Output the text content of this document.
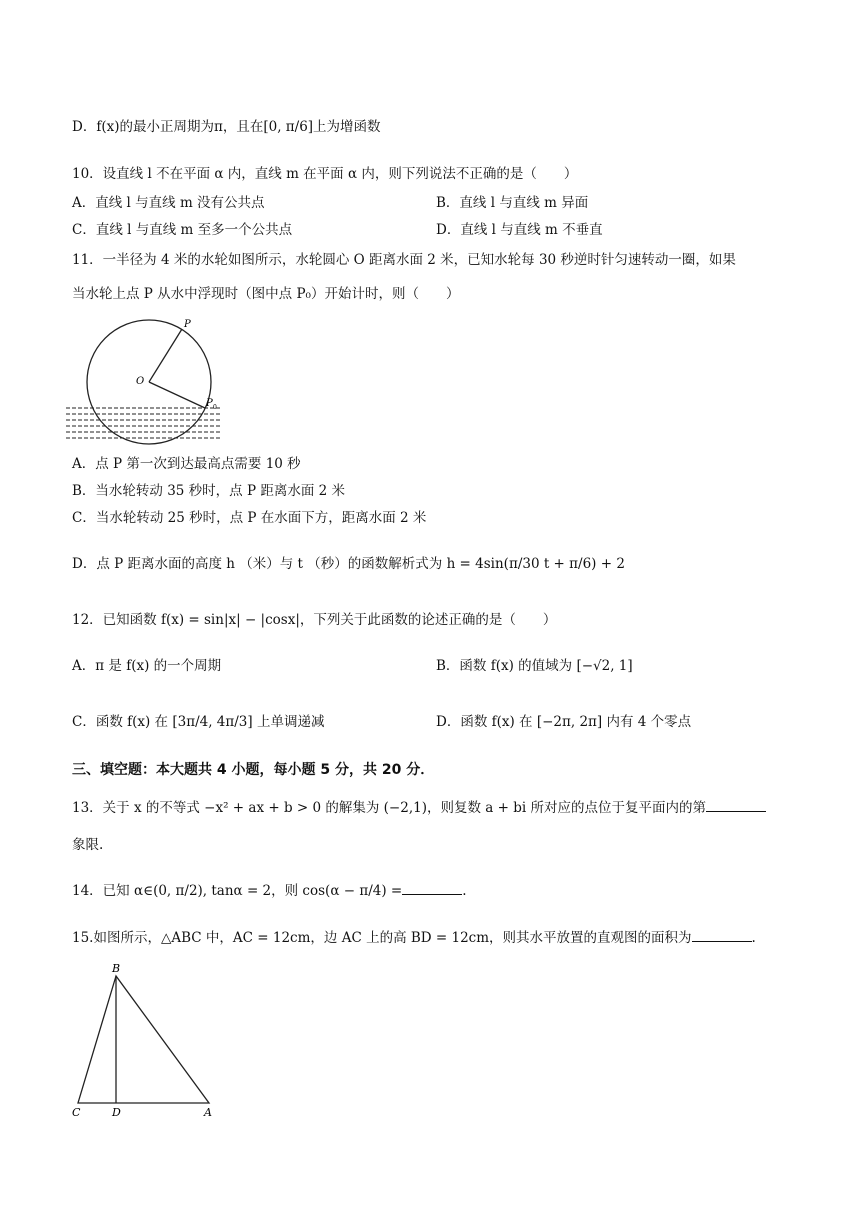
D．f(x)的最小正周期为π，且在[0, π/6]上为增函数
10．设直线 l 不在平面 α 内，直线 m 在平面 α 内，则下列说法不正确的是（　　）
A．直线 l 与直线 m 没有公共点	B．直线 l 与直线 m 异面
C．直线 l 与直线 m 至多一个公共点	D．直线 l 与直线 m 不垂直
11．一半径为 4 米的水轮如图所示，水轮圆心 O 距离水面 2 米，已知水轮每 30 秒逆时针匀速转动一圈，如果
当水轮上点 P 从水中浮现时（图中点 P₀）开始计时，则（　　）
P
O
P 0
A．点 P 第一次到达最高点需要 10 秒
B．当水轮转动 35 秒时，点 P 距离水面 2 米
C．当水轮转动 25 秒时，点 P 在水面下方，距离水面 2 米
D．点 P 距离水面的高度 h （米）与 t （秒）的函数解析式为 h = 4sin(π/30 t + π/6) + 2
12．已知函数 f(x) = sin|x| − |cosx|，下列关于此函数的论述正确的是（　　）
A．π 是 f(x) 的一个周期	B．函数 f(x) 的值域为 [−√2, 1]
C．函数 f(x) 在 [3π/4, 4π/3] 上单调递减	D．函数 f(x) 在 [−2π, 2π] 内有 4 个零点
三、填空题：本大题共 4 小题，每小题 5 分，共 20 分．
13．关于 x 的不等式 −x² + ax + b > 0 的解集为 (−2,1)，则复数 a + bi 所对应的点位于复平面内的第
象限.
14．已知 α∈(0, π/2), tanα = 2，则 cos(α − π/4) =	.
15.如图所示，△ABC 中，AC = 12cm，边 AC 上的高 BD = 12cm，则其水平放置的直观图的面积为	.
B
C	D	A
